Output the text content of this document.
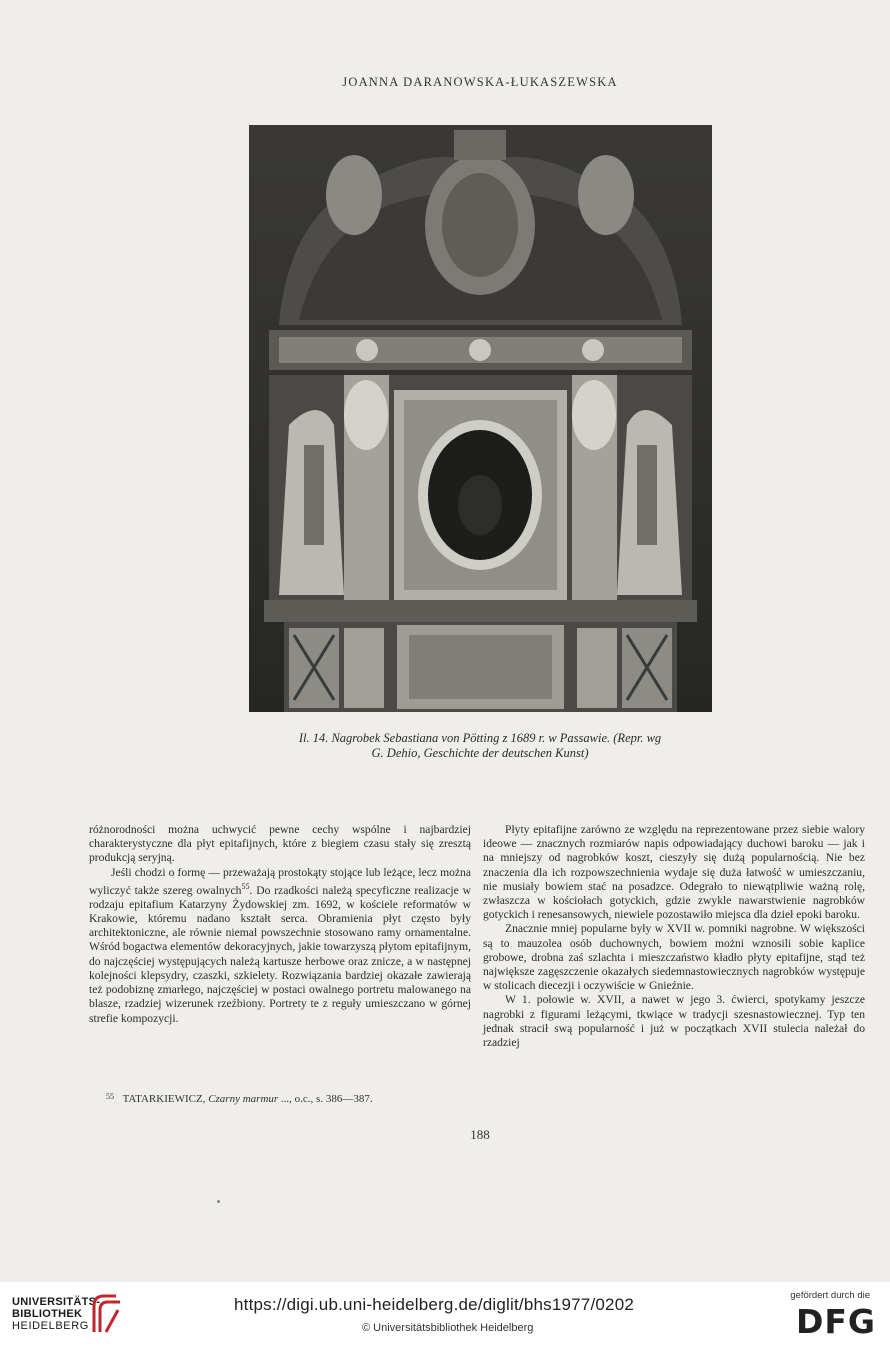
JOANNA DARANOWSKA-ŁUKASZEWSKA
Il. 14. Nagrobek Sebastiana von Pötting z 1689 r. w Passawie. (Repr. wg
G. Dehio, Geschichte der deutschen Kunst)

różnorodności można uchwycić pewne cechy wspólne i najbardziej charakterystyczne dla płyt epitafijnych, które z biegiem czasu stały się zresztą produkcją seryjną.

Jeśli chodzi o formę — przeważają prostokąty stojące lub leżące, lecz można wyliczyć także szereg owalnych$^{55}$. Do rzadkości należą specyficzne realizacje w rodzaju epitafium Katarzyny Żydowskiej zm. 1692, w kościele reformatów w Krakowie, któremu nadano kształt serca. Obramienia płyt często były architektoniczne, ale równie niemal powszechnie stosowano ramy ornamentalne. Wśród bogactwa elementów dekoracyjnych, jakie towarzyszą płytom epitafijnym, do najczęściej występujących należą kartusze herbowe oraz znicze, a w następnej kolejności klepsydry, czaszki, szkielety. Rozwiązania bardziej okazałe zawierają też podobiznę zmarłego, najczęściej w postaci owalnego portretu malowanego na blasze, rzadziej wizerunek rzeźbiony. Portrety te z reguły umieszczano w górnej strefie kompozycji.

Płyty epitafijne zarówno ze względu na reprezentowane przez siebie walory ideowe — znacznych rozmiarów napis odpowiadający duchowi baroku — jak i na mniejszy od nagrobków koszt, cieszyły się dużą popularnością. Nie bez znaczenia dla ich rozpowszechnienia wydaje się duża łatwość w umieszczaniu, nie musiały bowiem stać na posadzce. Odegrało to niewątpliwie ważną rolę, zwłaszcza w kościołach gotyckich, gdzie zwykle nawarstwienie nagrobków gotyckich i renesansowych, niewiele pozostawiło miejsca dla dzieł epoki baroku.

Znacznie mniej popularne były w XVII w. pomniki nagrobne. W większości są to mauzolea osób duchownych, bowiem możni wznosili sobie kaplice grobowe, drobna zaś szlachta i mieszczaństwo kładło płyty epitafijne, stąd też największe zagęszczenie okazałych siedemnastowiecznych nagrobków występuje w stolicach diecezji i oczywiście w Gnieźnie.

W 1. połowie w. XVII, a nawet w jego 3. ćwierci, spotykamy jeszcze nagrobki z figurami leżącymi, tkwiące w tradycji szesnastowiecznej. Typ ten jednak stracił swą popularność i już w początkach XVII stulecia należał do rzadziej

$^{55}$ TATARKIEWICZ, Czarny marmur ..., o.c., s. 386—387.
188
UNIVERSITÄTS-
BIBLIOTHEK
HEIDELBERG
https://digi.ub.uni-heidelberg.de/diglit/bhs1977/0202
© Universitätsbibliothek Heidelberg
gefördert durch die
DFG
